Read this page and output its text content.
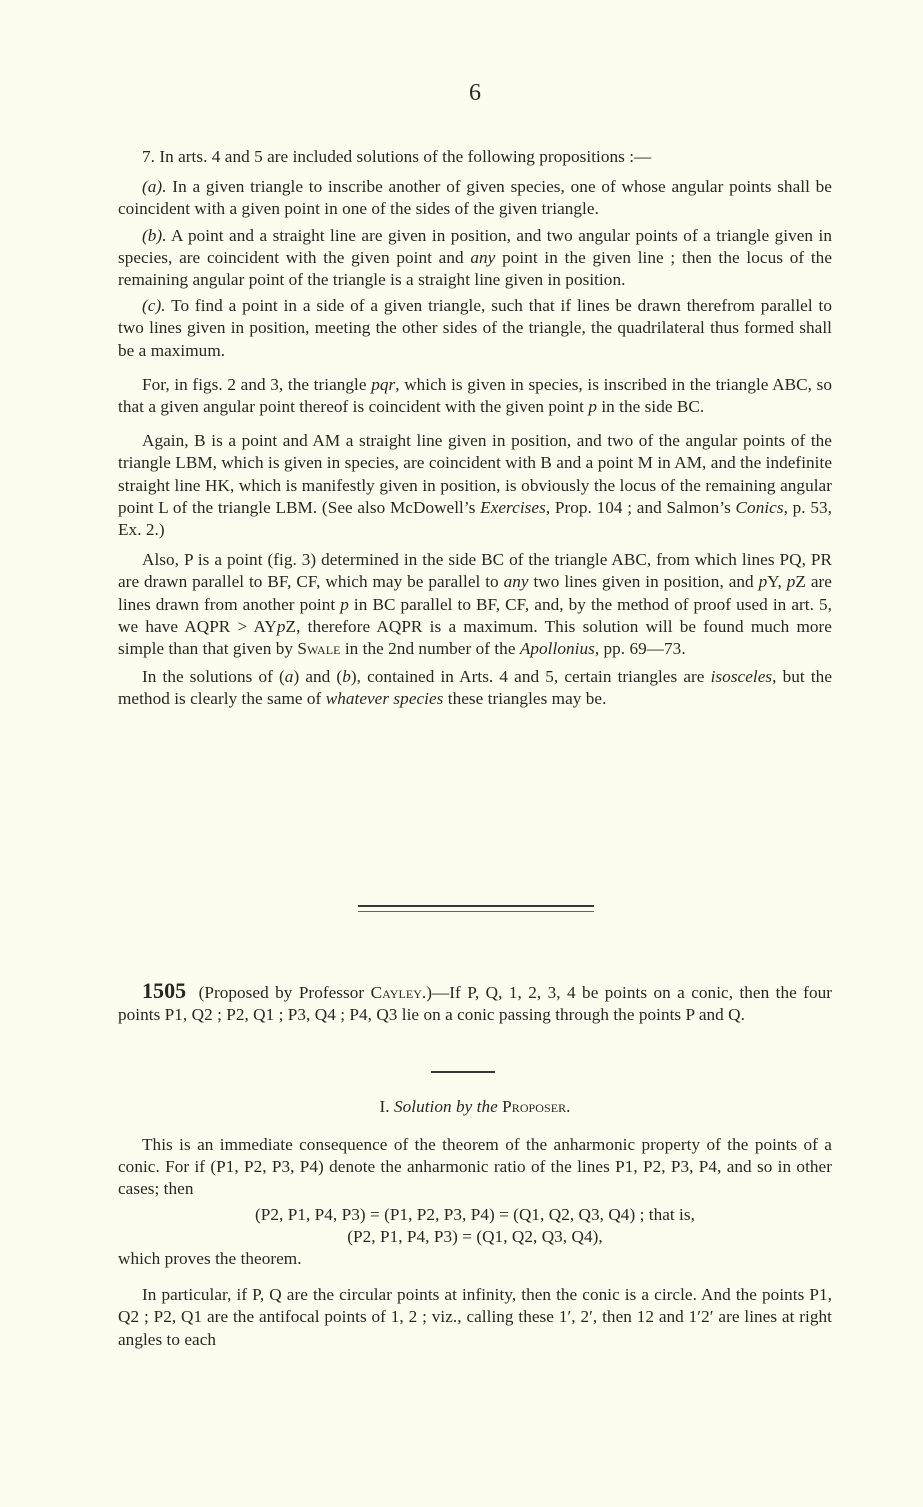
6

7. In arts. 4 and 5 are included solutions of the following propositions :—

(a). In a given triangle to inscribe another of given species, one of whose angular points shall be coincident with a given point in one of the sides of the given triangle.

(b). A point and a straight line are given in position, and two angular points of a triangle given in species, are coincident with the given point and any point in the given line ; then the locus of the remaining angular point of the triangle is a straight line given in position.

(c). To find a point in a side of a given triangle, such that if lines be drawn therefrom parallel to two lines given in position, meeting the other sides of the triangle, the quadrilateral thus formed shall be a maximum.

For, in figs. 2 and 3, the triangle pqr, which is given in species, is inscribed in the triangle ABC, so that a given angular point thereof is coincident with the given point p in the side BC.

Again, B is a point and AM a straight line given in position, and two of the angular points of the triangle LBM, which is given in species, are coincident with B and a point M in AM, and the indefinite straight line HK, which is manifestly given in position, is obviously the locus of the remaining angular point L of the triangle LBM. (See also McDowell’s Exercises, Prop. 104 ; and Salmon’s Conics, p. 53, Ex. 2.)

Also, P is a point (fig. 3) determined in the side BC of the triangle ABC, from which lines PQ, PR are drawn parallel to BF, CF, which may be parallel to any two lines given in position, and pY, pZ are lines drawn from another point p in BC parallel to BF, CF, and, by the method of proof used in art. 5, we have AQPR > AYpZ, therefore AQPR is a maximum. This solution will be found much more simple than that given by Swale in the 2nd number of the Apollonius, pp. 69—73.

In the solutions of (a) and (b), contained in Arts. 4 and 5, certain triangles are isosceles, but the method is clearly the same of whatever species these triangles may be.

1505 (Proposed by Professor Cayley.)—If P, Q, 1, 2, 3, 4 be points on a conic, then the four points P1, Q2 ; P2, Q1 ; P3, Q4 ; P4, Q3 lie on a conic passing through the points P and Q.

I. Solution by the Proposer.

This is an immediate consequence of the theorem of the anharmonic property of the points of a conic. For if (P1, P2, P3, P4) denote the anharmonic ratio of the lines P1, P2, P3, P4, and so in other cases; then

(P2, P1, P4, P3) = (P1, P2, P3, P4) = (Q1, Q2, Q3, Q4) ; that is,

(P2, P1, P4, P3) = (Q1, Q2, Q3, Q4),

which proves the theorem.

In particular, if P, Q are the circular points at infinity, then the conic is a circle. And the points P1, Q2 ; P2, Q1 are the antifocal points of 1, 2 ; viz., calling these 1′, 2′, then 12 and 1′2′ are lines at right angles to each
